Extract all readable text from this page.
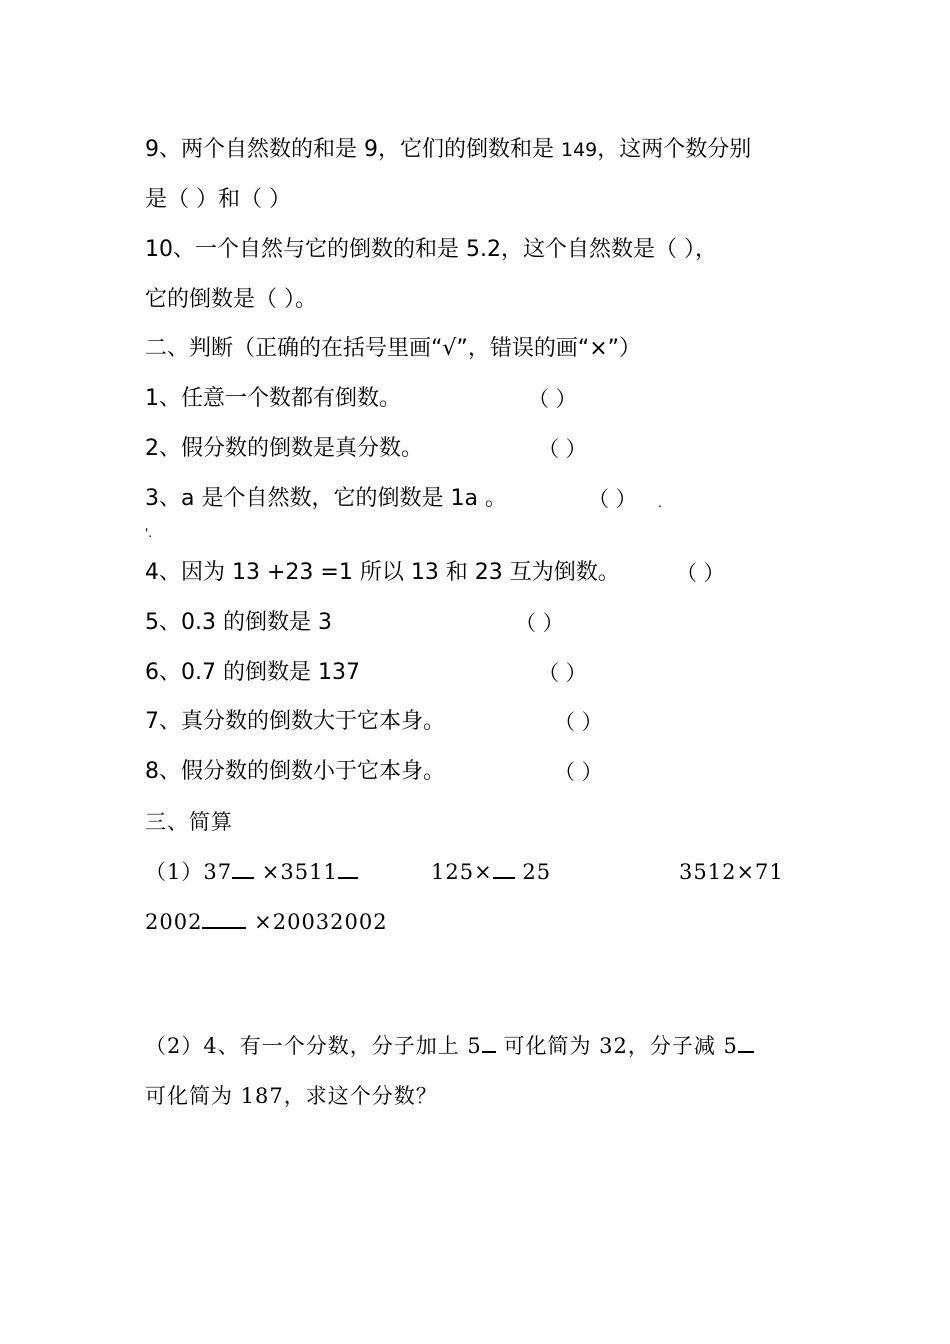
9、两个自然数的和是 9，它们的倒数和是 149，这两个数分别
是（ ）和（ ）
10、一个自然与它的倒数的和是 5.2，这个自然数是（ ），
它的倒数是（ ）。
二、判断（正确的在括号里画“√”，错误的画“×”）
1、任意一个数都有倒数。	（ ）
2、假分数的倒数是真分数。	（ ）
3、a 是个自然数，它的倒数是 1a 。	（ ） .
'.
4、因为 13 +23 =1 所以 13 和 23 互为倒数。	（ ）
5、0.3 的倒数是 3	（ ）
6、0.7 的倒数是 137	（ ）
7、真分数的倒数大于它本身。	（ ）
8、假分数的倒数小于它本身。	（ ）
三、简算
（1）37 ×3511	125× 25	3512×71
2002 ×20032002
（2）4、有一个分数，分子加上 5 可化简为 32，分子减 5
可化简为 187，求这个分数？
